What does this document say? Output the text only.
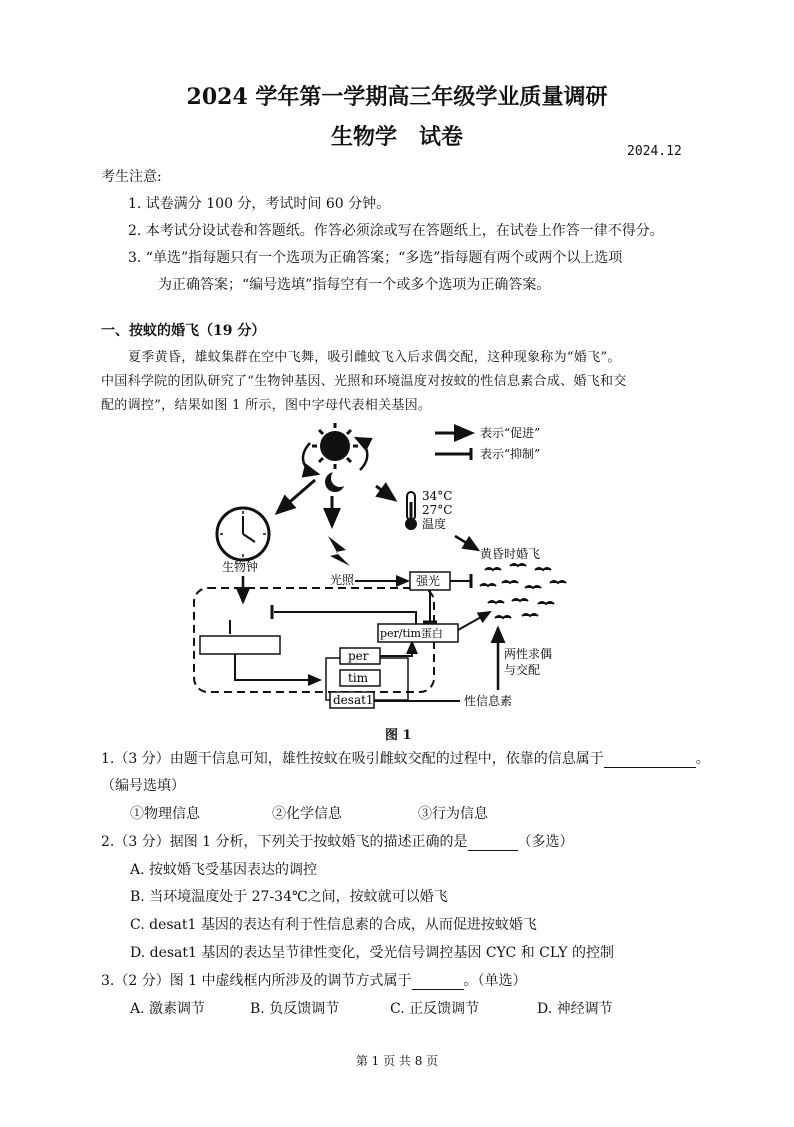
2024 学年第一学期高三年级学业质量调研
生物学　试卷
2024.12
考生注意:
1. 试卷满分 100 分，考试时间 60 分钟。
2. 本考试分设试卷和答题纸。作答必须涂或写在答题纸上，在试卷上作答一律不得分。
3. “单选”指每题只有一个选项为正确答案；“多选”指每题有两个或两个以上选项
为正确答案；“编号选填”指每空有一个或多个选项为正确答案。
一、按蚊的婚飞（19 分）
夏季黄昏，雄蚊集群在空中飞舞，吸引雌蚊飞入后求偶交配，这种现象称为“婚飞”。
中国科学院的团队研究了“生物钟基因、光照和环境温度对按蚊的性信息素合成、婚飞和交
配的调控”，结果如图 1 所示，图中字母代表相关基因。
表示“促进”
表示“抑制”
生物钟
光照
34°C
27°C
温度
黄昏时婚飞
per
tim
desat1
per/tim蛋白
强光
性信息素
两性求偶
与交配
图 1
1.（3 分）由题干信息可知，雄性按蚊在吸引雌蚊交配的过程中，依靠的信息属于	。
（编号选填）
①物理信息	②化学信息	③行为信息
2.（3 分）据图 1 分析，下列关于按蚊婚飞的描述正确的是	（多选）
A. 按蚊婚飞受基因表达的调控
B. 当环境温度处于 27-34℃之间，按蚊就可以婚飞
C. desat1 基因的表达有利于性信息素的合成，从而促进按蚊婚飞
D. desat1 基因的表达呈节律性变化，受光信号调控基因 CYC 和 CLY 的控制
3.（2 分）图 1 中虚线框内所涉及的调节方式属于	。（单选）
A. 激素调节	B. 负反馈调节	C. 正反馈调节	D. 神经调节
第 1 页 共 8 页
